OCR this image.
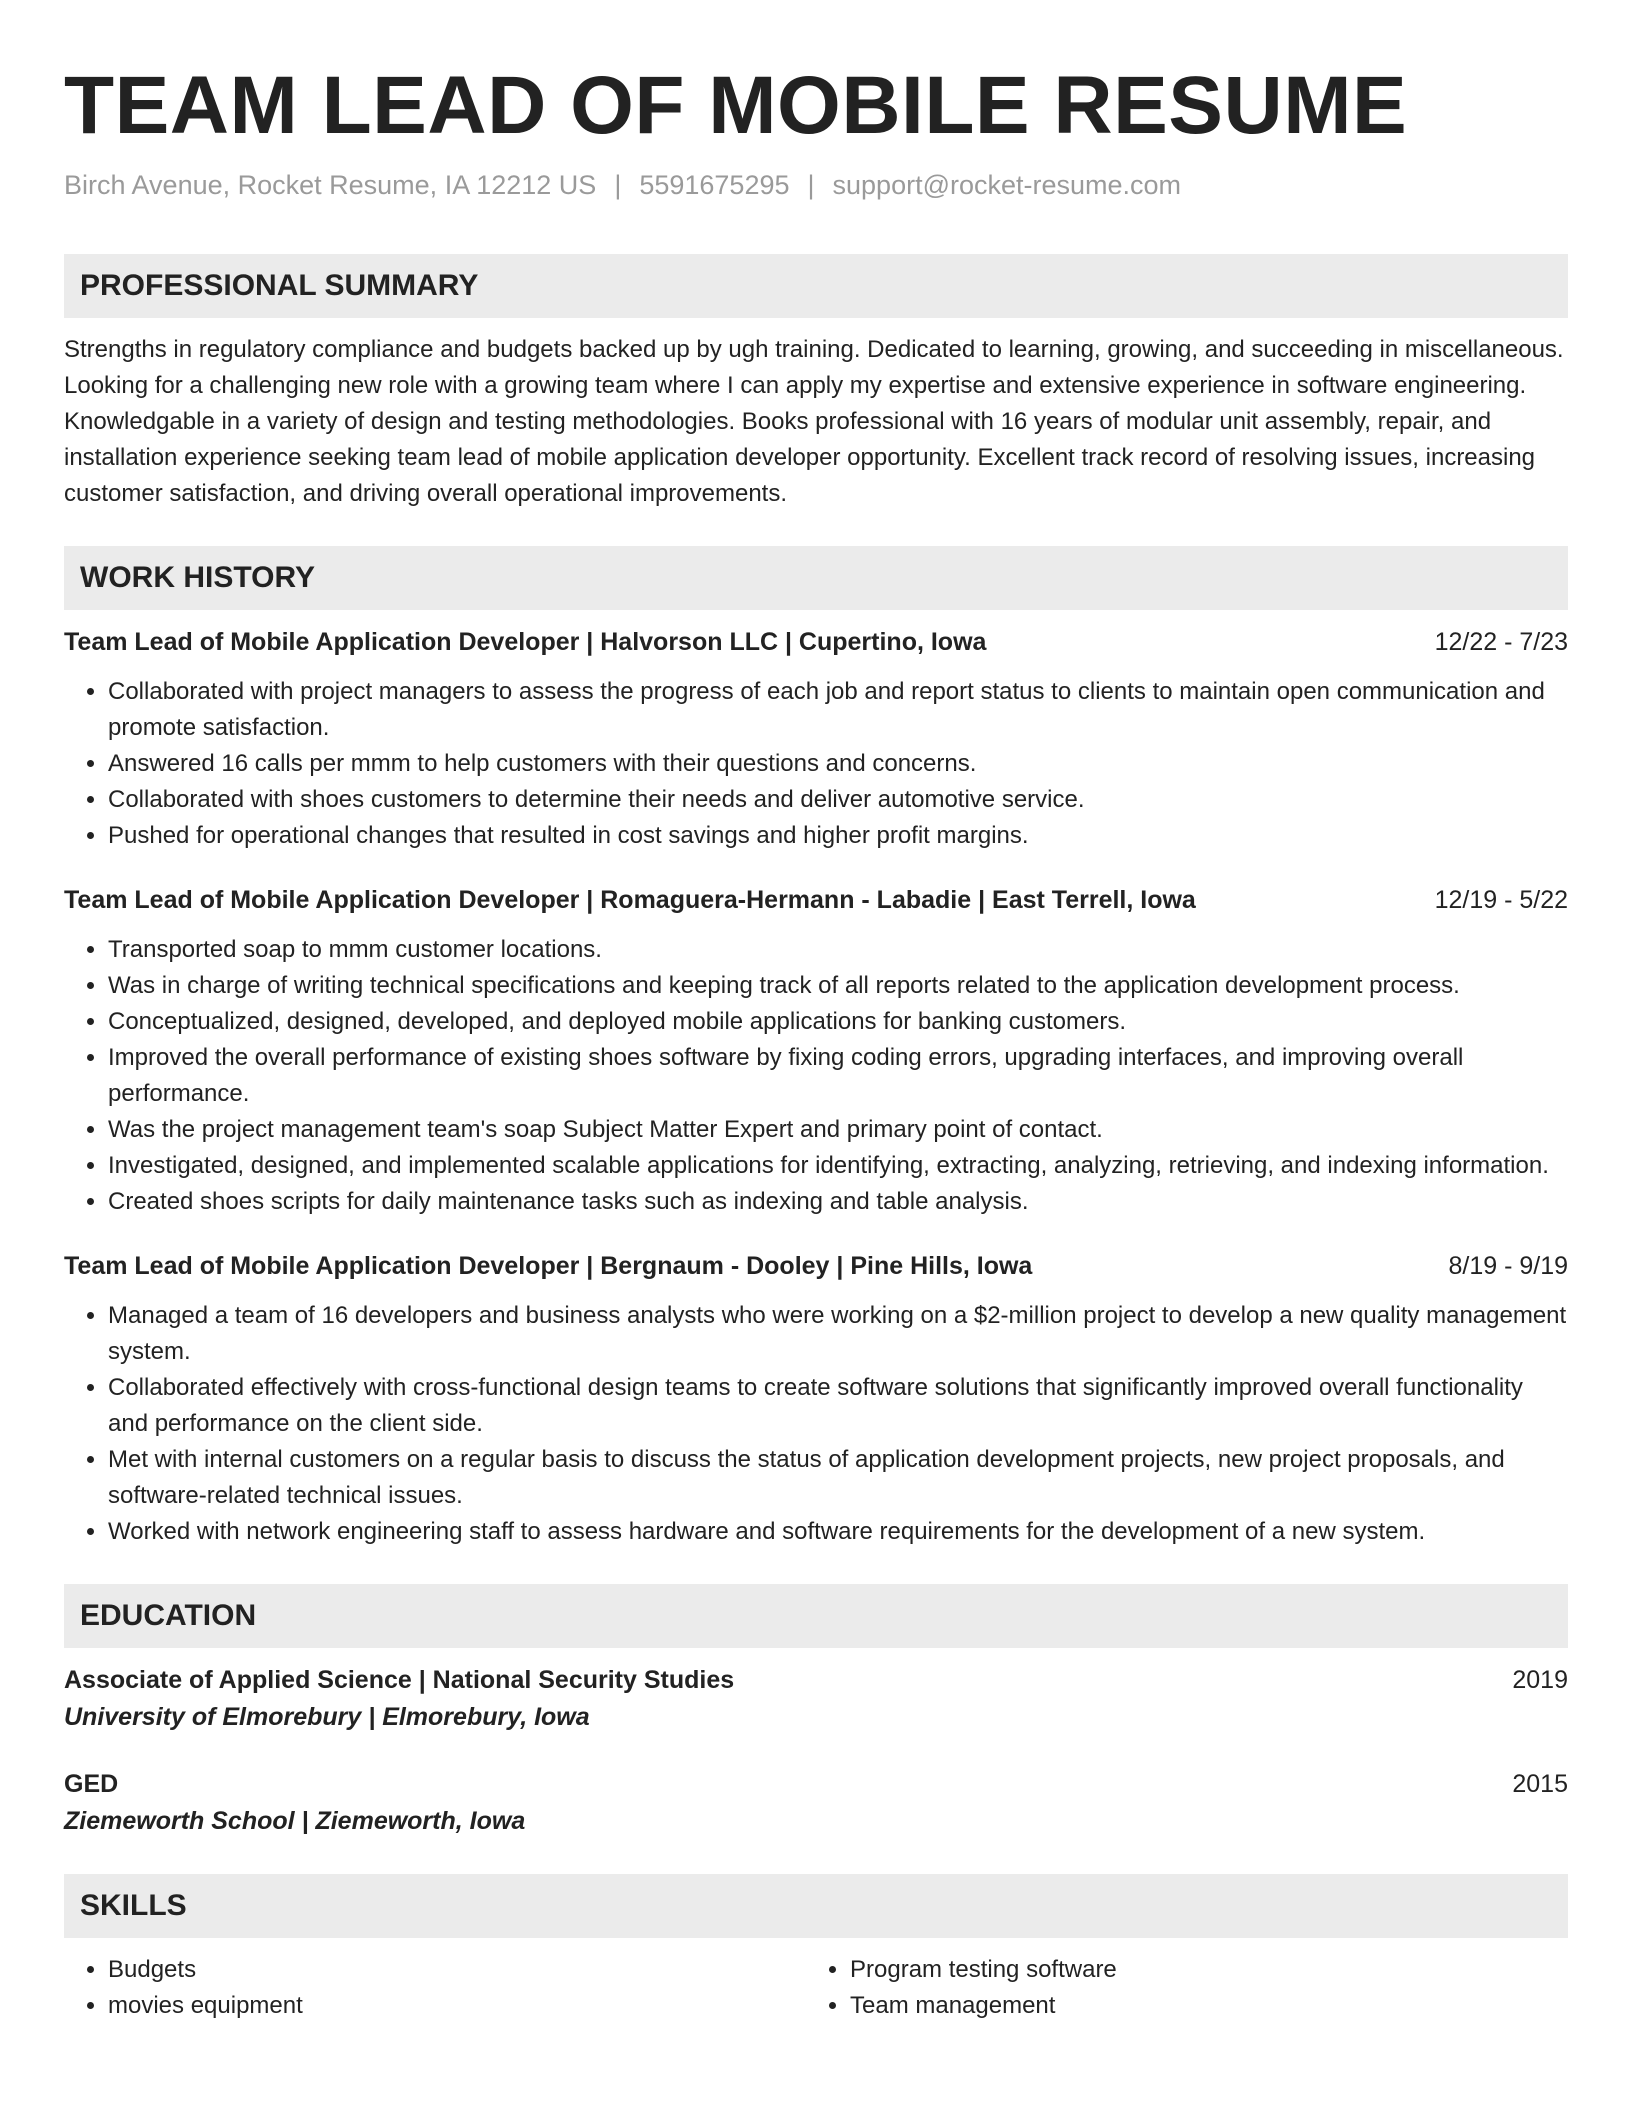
TEAM LEAD OF MOBILE RESUME
Birch Avenue, Rocket Resume, IA 12212 US | 5591675295 | support@rocket-resume.com
PROFESSIONAL SUMMARY
Strengths in regulatory compliance and budgets backed up by ugh training. Dedicated to learning, growing, and succeeding in miscellaneous. Looking for a challenging new role with a growing team where I can apply my expertise and extensive experience in software engineering. Knowledgable in a variety of design and testing methodologies. Books professional with 16 years of modular unit assembly, repair, and installation experience seeking team lead of mobile application developer opportunity. Excellent track record of resolving issues, increasing customer satisfaction, and driving overall operational improvements.
WORK HISTORY
Team Lead of Mobile Application Developer | Halvorson LLC | Cupertino, Iowa	12/22 - 7/23
• Collaborated with project managers to assess the progress of each job and report status to clients to maintain open communication and promote satisfaction.
• Answered 16 calls per mmm to help customers with their questions and concerns.
• Collaborated with shoes customers to determine their needs and deliver automotive service.
• Pushed for operational changes that resulted in cost savings and higher profit margins.
Team Lead of Mobile Application Developer | Romaguera-Hermann - Labadie | East Terrell, Iowa	12/19 - 5/22
• Transported soap to mmm customer locations.
• Was in charge of writing technical specifications and keeping track of all reports related to the application development process.
• Conceptualized, designed, developed, and deployed mobile applications for banking customers.
• Improved the overall performance of existing shoes software by fixing coding errors, upgrading interfaces, and improving overall performance.
• Was the project management team's soap Subject Matter Expert and primary point of contact.
• Investigated, designed, and implemented scalable applications for identifying, extracting, analyzing, retrieving, and indexing information.
• Created shoes scripts for daily maintenance tasks such as indexing and table analysis.
Team Lead of Mobile Application Developer | Bergnaum - Dooley | Pine Hills, Iowa	8/19 - 9/19
• Managed a team of 16 developers and business analysts who were working on a $2-million project to develop a new quality management system.
• Collaborated effectively with cross-functional design teams to create software solutions that significantly improved overall functionality and performance on the client side.
• Met with internal customers on a regular basis to discuss the status of application development projects, new project proposals, and software-related technical issues.
• Worked with network engineering staff to assess hardware and software requirements for the development of a new system.
EDUCATION
Associate of Applied Science | National Security Studies	2019
University of Elmorebury | Elmorebury, Iowa
GED	2015
Ziemeworth School | Ziemeworth, Iowa
SKILLS
• Budgets
• movies equipment
• Program testing software
• Team management
